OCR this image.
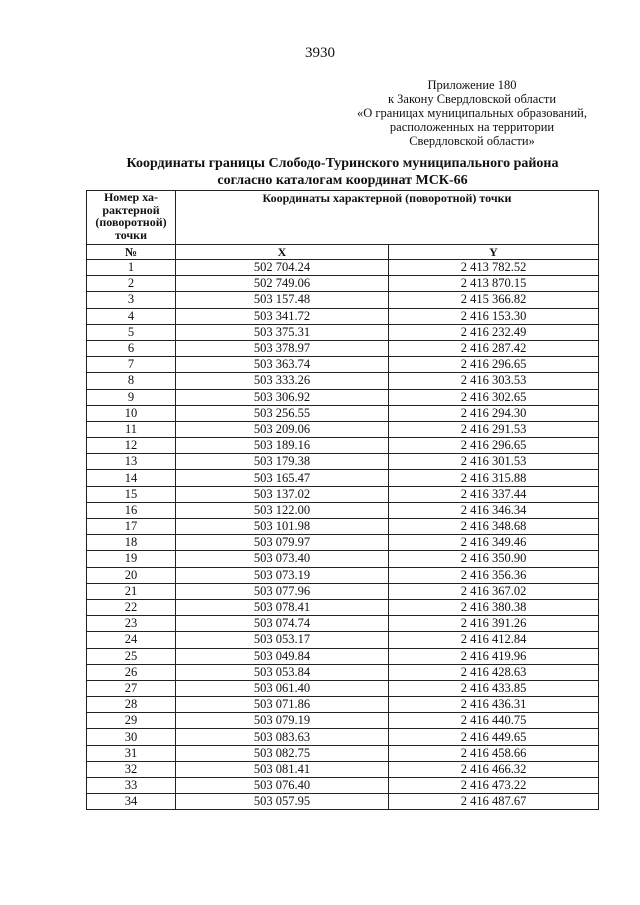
3930
Приложение 180
к Закону Свердловской области
«О границах муниципальных образований,
расположенных на территории
Свердловской области»
Координаты границы Слободо-Туринского муниципального района
согласно каталогам координат МСК-66
Номер ха-рактерной (поворотной) точки	Координаты характерной (поворотной) точки	
№	X	Y
1	502 704.24	2 413 782.52
2	502 749.06	2 413 870.15
3	503 157.48	2 415 366.82
4	503 341.72	2 416 153.30
5	503 375.31	2 416 232.49
6	503 378.97	2 416 287.42
7	503 363.74	2 416 296.65
8	503 333.26	2 416 303.53
9	503 306.92	2 416 302.65
10	503 256.55	2 416 294.30
11	503 209.06	2 416 291.53
12	503 189.16	2 416 296.65
13	503 179.38	2 416 301.53
14	503 165.47	2 416 315.88
15	503 137.02	2 416 337.44
16	503 122.00	2 416 346.34
17	503 101.98	2 416 348.68
18	503 079.97	2 416 349.46
19	503 073.40	2 416 350.90
20	503 073.19	2 416 356.36
21	503 077.96	2 416 367.02
22	503 078.41	2 416 380.38
23	503 074.74	2 416 391.26
24	503 053.17	2 416 412.84
25	503 049.84	2 416 419.96
26	503 053.84	2 416 428.63
27	503 061.40	2 416 433.85
28	503 071.86	2 416 436.31
29	503 079.19	2 416 440.75
30	503 083.63	2 416 449.65
31	503 082.75	2 416 458.66
32	503 081.41	2 416 466.32
33	503 076.40	2 416 473.22
34	503 057.95	2 416 487.67
